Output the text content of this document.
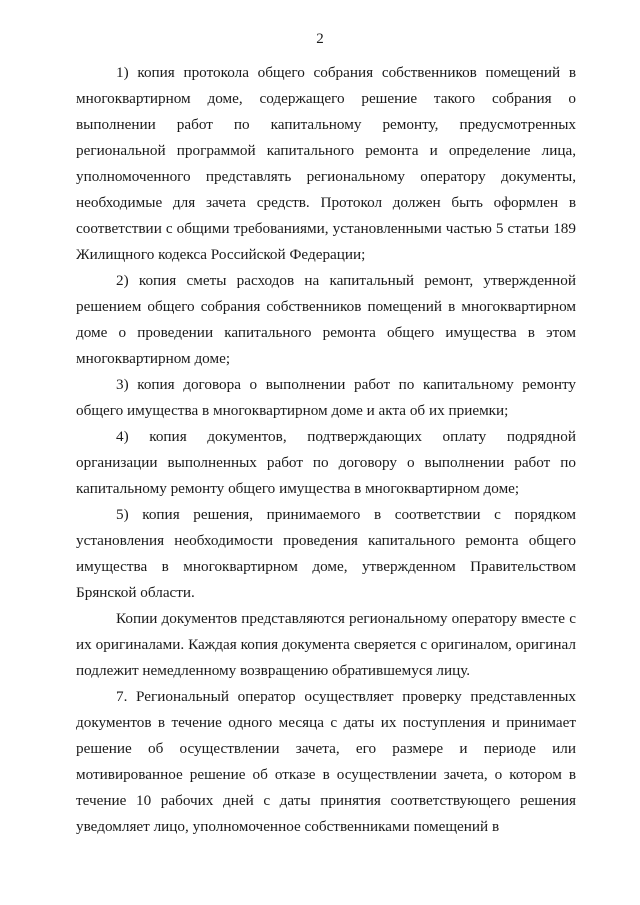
2

1) копия протокола общего собрания собственников помещений в многоквартирном доме, содержащего решение такого собрания о выполнении работ по капитальному ремонту, предусмотренных региональной программой капитального ремонта и определение лица, уполномоченного представлять региональному оператору документы, необходимые для зачета средств. Протокол должен быть оформлен в соответствии с общими требованиями, установленными частью 5 статьи 189 Жилищного кодекса Российской Федерации;

2) копия сметы расходов на капитальный ремонт, утвержденной решением общего собрания собственников помещений в многоквартирном доме о проведении капитального ремонта общего имущества в этом многоквартирном доме;

3) копия договора о выполнении работ по капитальному ремонту общего имущества в многоквартирном доме и акта об их приемки;

4) копия документов, подтверждающих оплату подрядной организации выполненных работ по договору о выполнении работ по капитальному ремонту общего имущества в многоквартирном доме;

5) копия решения, принимаемого в соответствии с порядком установления необходимости проведения капитального ремонта общего имущества в многоквартирном доме, утвержденном Правительством Брянской области.

Копии документов представляются региональному оператору вместе с их оригиналами. Каждая копия документа сверяется с оригиналом, оригинал подлежит немедленному возвращению обратившемуся лицу.

7. Региональный оператор осуществляет проверку представленных документов в течение одного месяца с даты их поступления и принимает решение об осуществлении зачета, его размере и периоде или мотивированное решение об отказе в осуществлении зачета, о котором в течение 10 рабочих дней с даты принятия соответствующего решения уведомляет лицо, уполномоченное собственниками помещений в
